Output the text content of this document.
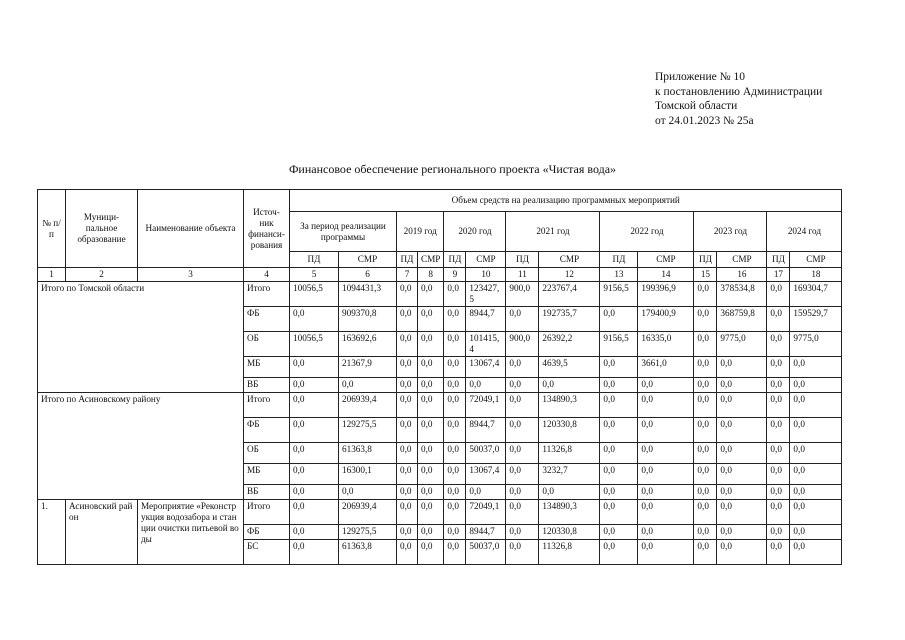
Приложение № 10
к постановлению Администрации
Томской области
от 24.01.2023 № 25а
Финансовое обеспечение регионального проекта «Чистая вода»
№ п/п	Муници-пальное образование	Наименование объекта	Источ-ник финанси-рования	Объем средств на реализацию программных мероприятий													
				За период реализации программы		2019 год		2020 год		2021 год		2022 год		2023 год		2024 год	
				ПД	СМР	ПД	СМР	ПД	СМР	ПД	СМР	ПД	СМР	ПД	СМР	ПД	СМР
1	2	3	4	5	6	7	8	9	10	11	12	13	14	15	16	17	18
Итого по Томской области			Итого	10056,5	1094431,3	0,0	0,0	0,0	123427,5	900,0	223767,4	9156,5	199396,9	0,0	378534,8	0,0	169304,7
			ФБ	0,0	909370,8	0,0	0,0	0,0	8944,7	0,0	192735,7	0,0	179400,9	0,0	368759,8	0,0	159529,7
			ОБ	10056,5	163692,6	0,0	0,0	0,0	101415,4	900,0	26392,2	9156,5	16335,0	0,0	9775,0	0,0	9775,0
			МБ	0,0	21367,9	0,0	0,0	0,0	13067,4	0,0	4639,5	0,0	3661,0	0,0	0,0	0,0	0,0
			ВБ	0,0	0,0	0,0	0,0	0,0	0,0	0,0	0,0	0,0	0,0	0,0	0,0	0,0	0,0
Итого по Асиновскому району			Итого	0,0	206939,4	0,0	0,0	0,0	72049,1	0,0	134890,3	0,0	0,0	0,0	0,0	0,0	0,0
			ФБ	0,0	129275,5	0,0	0,0	0,0	8944,7	0,0	120330,8	0,0	0,0	0,0	0,0	0,0	0,0
			ОБ	0,0	61363,8	0,0	0,0	0,0	50037,0	0,0	11326,8	0,0	0,0	0,0	0,0	0,0	0,0
			МБ	0,0	16300,1	0,0	0,0	0,0	13067,4	0,0	3232,7	0,0	0,0	0,0	0,0	0,0	0,0
			ВБ	0,0	0,0	0,0	0,0	0,0	0,0	0,0	0,0	0,0	0,0	0,0	0,0	0,0	0,0
1.	Асиновский район	Мероприятие «Реконструкция водозабора и станции очистки питьевой воды	Итого	0,0	206939,4	0,0	0,0	0,0	72049,1	0,0	134890,3	0,0	0,0	0,0	0,0	0,0	0,0
			ФБ	0,0	129275,5	0,0	0,0	0,0	8944,7	0,0	120330,8	0,0	0,0	0,0	0,0	0,0	0,0
			БС	0,0	61363,8	0,0	0,0	0,0	50037,0	0,0	11326,8	0,0	0,0	0,0	0,0	0,0	0,0
